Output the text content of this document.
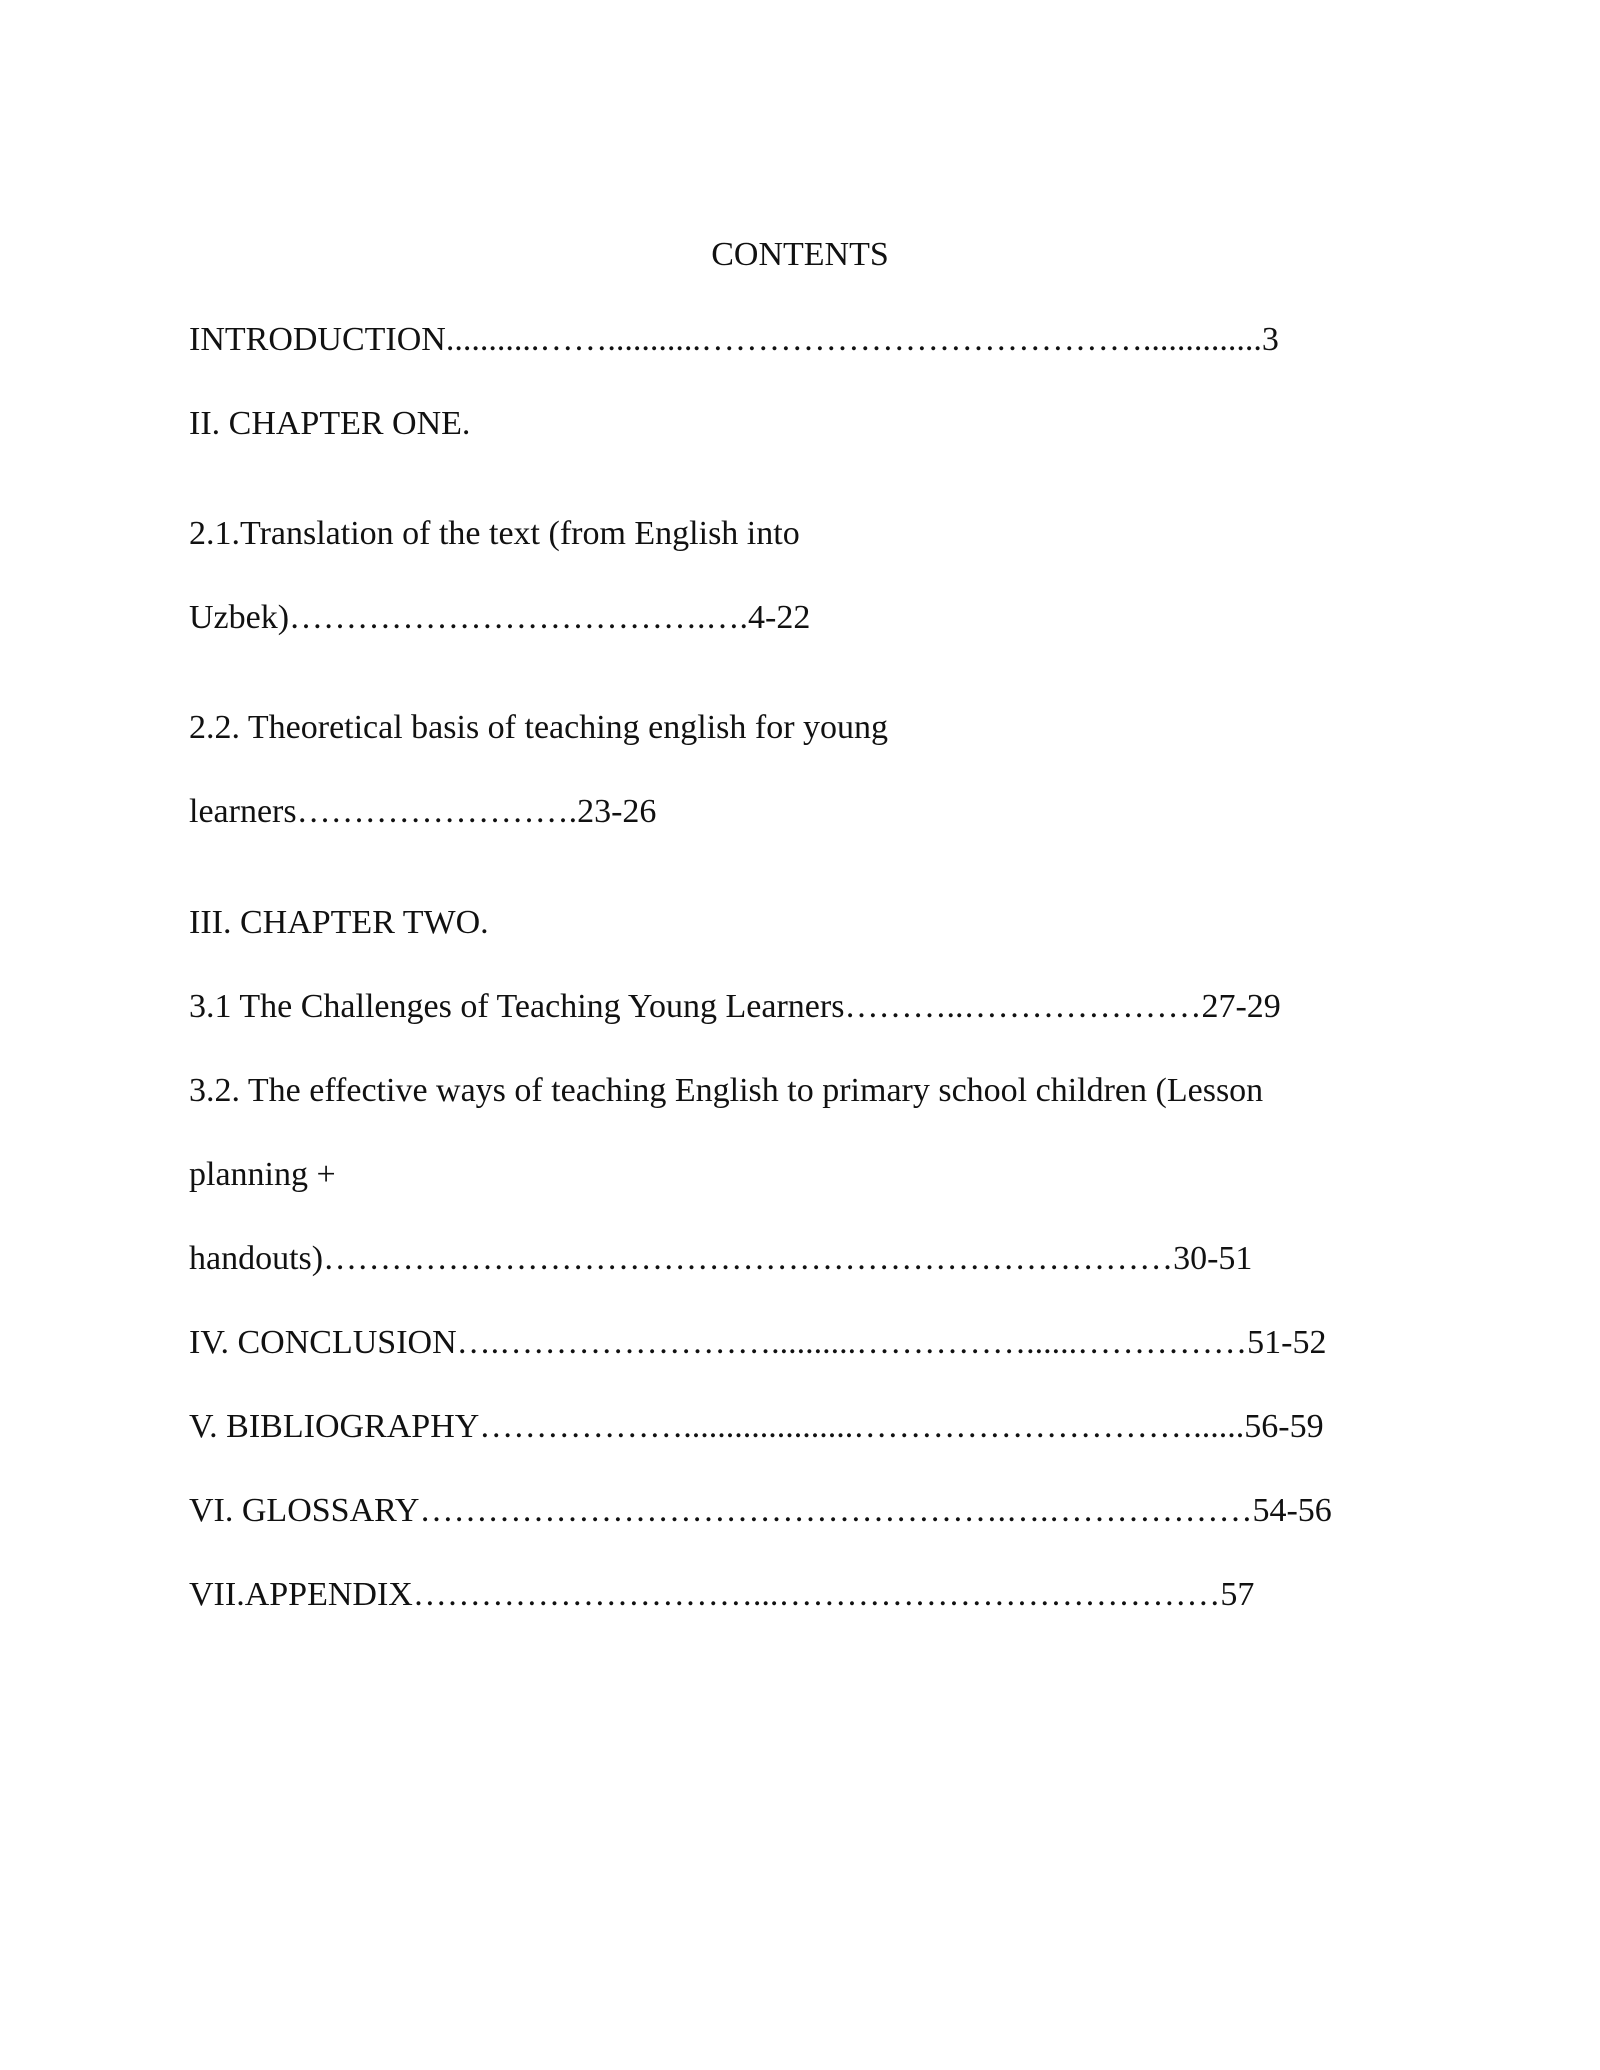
CONTENTS
INTRODUCTION...........……...........…………………………………..............3
II. CHAPTER ONE.
2.1.Translation of the text (from English into
Uzbek)……………………………….….4-22
2.2. Theoretical basis of teaching english for young
learners…………………….23-26
III. CHAPTER TWO.
3.1 The Challenges of Teaching Young Learners………..…………………27-29
3.2. The effective ways of teaching English to primary school children (Lesson
planning +
handouts)…………………………………………………………………30-51
IV. CONCLUSION….……………………..........……………......……………51-52
V. BIBLIOGRAPHY………………....................…………………………......56-59
VI. GLOSSARY…………………………………………….….………………54-56
VII.APPENDIX…………………………...…………………………………57
